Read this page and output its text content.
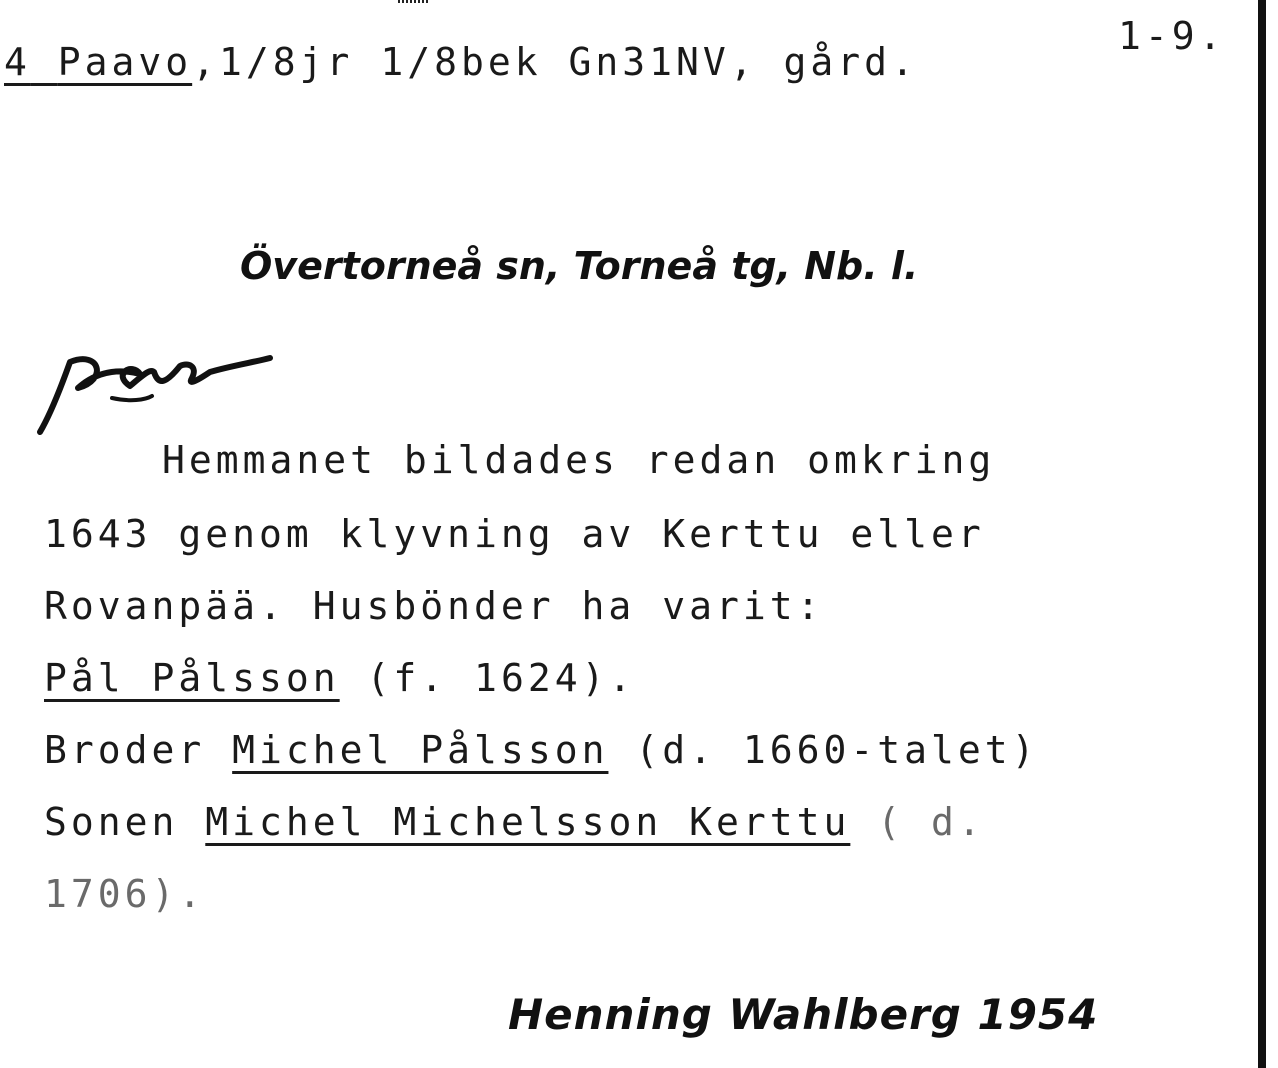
4 Paavo,1/8jr 1/8bek Gn31NV, gård.
1-9.
Övertorneå sn, Torneå tg, Nb. l.
Hemmanet bildades redan omkring
1643 genom klyvning av Kerttu eller
Rovanpää. Husbönder ha varit:
Pål Pålsson (f. 1624).
Broder Michel Pålsson (d. 1660-talet)
Sonen Michel Michelsson Kerttu ( d.
1706).
Henning Wahlberg 1954
